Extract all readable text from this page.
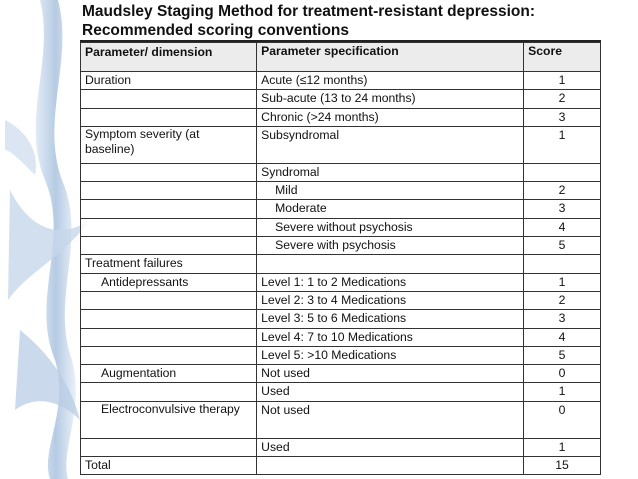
Maudsley Staging Method for treatment-resistant depression: Recommended scoring conventions
Parameter/ dimension	Parameter specification	Score
Duration	Acute (≤12 months)	1
	Sub-acute (13 to 24 months)	2
	Chronic (>24 months)	3
Symptom severity (at baseline)	Subsyndromal	1
	Syndromal	
	Mild	2
	Moderate	3
	Severe without psychosis	4
	Severe with psychosis	5
Treatment failures		
Antidepressants	Level 1: 1 to 2 Medications	1
	Level 2: 3 to 4 Medications	2
	Level 3: 5 to 6 Medications	3
	Level 4: 7 to 10 Medications	4
	Level 5: >10 Medications	5
Augmentation	Not used	0
	Used	1
Electroconvulsive therapy	Not used	0
	Used	1
Total		15
